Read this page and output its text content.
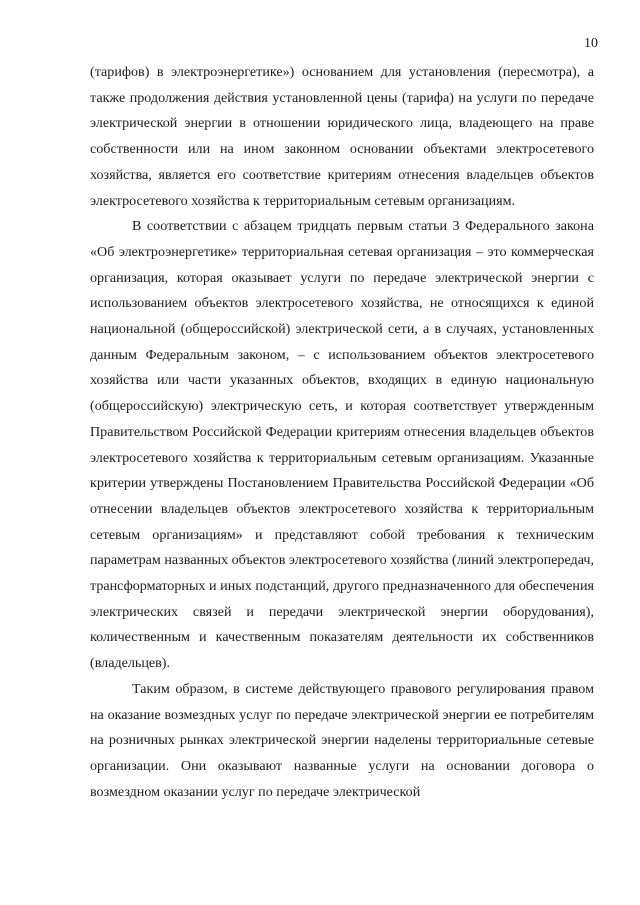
10

(тарифов) в электроэнергетике») основанием для установления (пересмотра), а также продолжения действия установленной цены (тарифа) на услуги по передаче электрической энергии в отношении юридического лица, владеющего на праве собственности или на ином законном основании объектами электросетевого хозяйства, является его соответствие критериям отнесения владельцев объектов электросетевого хозяйства к территориальным сетевым организациям.

В соответствии с абзацем тридцать первым статьи 3 Федерального закона «Об электроэнергетике» территориальная сетевая организация – это коммерческая организация, которая оказывает услуги по передаче электрической энергии с использованием объектов электросетевого хозяйства, не относящихся к единой национальной (общероссийской) электрической сети, а в случаях, установленных данным Федеральным законом, – с использованием объектов электросетевого хозяйства или части указанных объектов, входящих в единую национальную (общероссийскую) электрическую сеть, и которая соответствует утвержденным Правительством Российской Федерации критериям отнесения владельцев объектов электросетевого хозяйства к территориальным сетевым организациям. Указанные критерии утверждены Постановлением Правительства Российской Федерации «Об отнесении владельцев объектов электросетевого хозяйства к территориальным сетевым организациям» и представляют собой требования к техническим параметрам названных объектов электросетевого хозяйства (линий электропередач, трансформаторных и иных подстанций, другого предназначенного для обеспечения электрических связей и передачи электрической энергии оборудования), количественным и качественным показателям деятельности их собственников (владельцев).

Таким образом, в системе действующего правового регулирования правом на оказание возмездных услуг по передаче электрической энергии ее потребителям на розничных рынках электрической энергии наделены территориальные сетевые организации. Они оказывают названные услуги на основании договора о возмездном оказании услуг по передаче электрической
